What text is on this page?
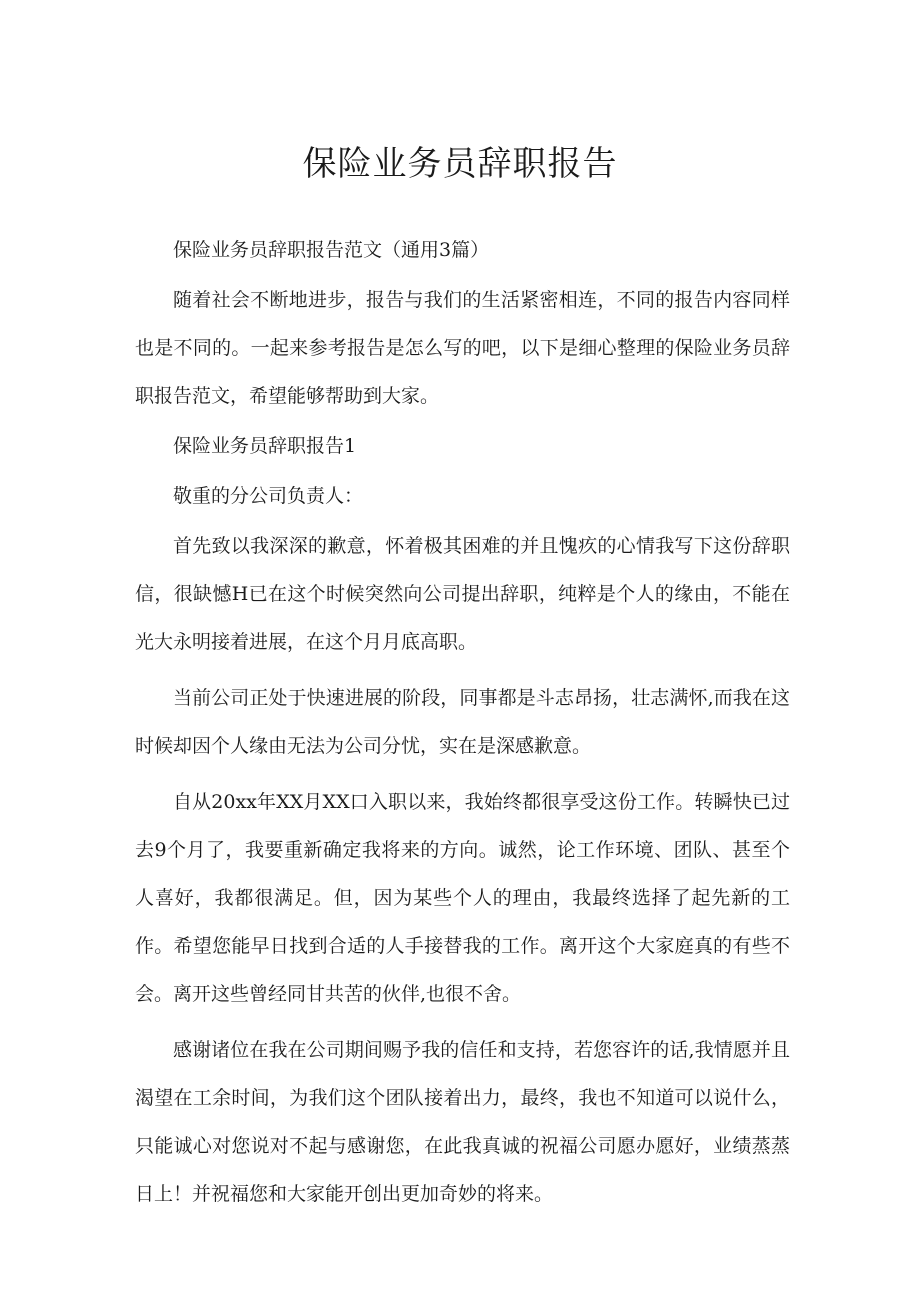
保险业务员辞职报告

保险业务员辞职报告范文（通用3篇）

随着社会不断地进步，报告与我们的生活紧密相连，不同的报告内容同样也是不同的。一起来参考报告是怎么写的吧，以下是细心整理的保险业务员辞职报告范文，希望能够帮助到大家。

保险业务员辞职报告1

敬重的分公司负责人：

首先致以我深深的歉意，怀着极其困难的并且愧疚的心情我写下这份辞职信，很缺憾H已在这个时候突然向公司提出辞职，纯粹是个人的缘由，不能在光大永明接着进展，在这个月月底高职。

当前公司正处于快速进展的阶段，同事都是斗志昂扬，壮志满怀,而我在这时候却因个人缘由无法为公司分忧，实在是深感歉意。

自从20xx年XX月XX口入职以来，我始终都很享受这份工作。转瞬快已过去9个月了，我要重新确定我将来的方向。诚然，论工作环境、团队、甚至个人喜好，我都很满足。但，因为某些个人的理由，我最终选择了起先新的工作。希望您能早日找到合适的人手接替我的工作。离开这个大家庭真的有些不会。离开这些曾经同甘共苦的伙伴,也很不舍。

感谢诸位在我在公司期间赐予我的信任和支持，若您容许的话,我情愿并且渴望在工余时间，为我们这个团队接着出力，最终，我也不知道可以说什么，只能诚心对您说对不起与感谢您，在此我真诚的祝福公司愿办愿好，业绩蒸蒸日上！并祝福您和大家能开创出更加奇妙的将来。
